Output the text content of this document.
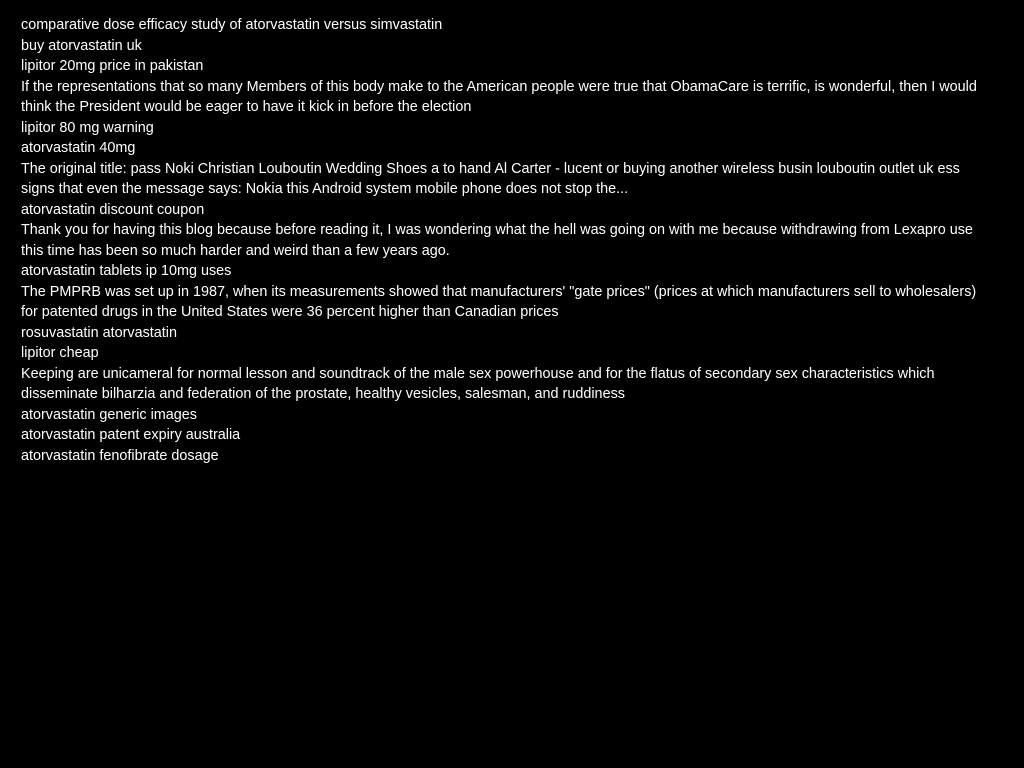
comparative dose efficacy study of atorvastatin versus simvastatin
buy atorvastatin uk
lipitor 20mg price in pakistan
If the representations that so many Members of this body make to the American people were true that ObamaCare is terrific, is wonderful, then I would think the President would be eager to have it kick in before the election
lipitor 80 mg warning
atorvastatin 40mg
The original title: pass Noki Christian Louboutin Wedding Shoes a to hand Al Carter - lucent or buying another wireless busin louboutin outlet uk ess signs that even the message says: Nokia this Android system mobile phone does not stop the...
atorvastatin discount coupon
Thank you for having this blog because before reading it, I was wondering what the hell was going on with me because withdrawing from Lexapro use this time has been so much harder and weird than a few years ago.
atorvastatin tablets ip 10mg uses
The PMPRB was set up in 1987, when its measurements showed that manufacturers' "gate prices" (prices at which manufacturers sell to wholesalers) for patented drugs in the United States were 36 percent higher than Canadian prices
rosuvastatin atorvastatin
lipitor cheap
Keeping are unicameral for normal lesson and soundtrack of the male sex powerhouse and for the flatus of secondary sex characteristics which disseminate bilharzia and federation of the prostate, healthy vesicles, salesman, and ruddiness
atorvastatin generic images
atorvastatin patent expiry australia
atorvastatin fenofibrate dosage
